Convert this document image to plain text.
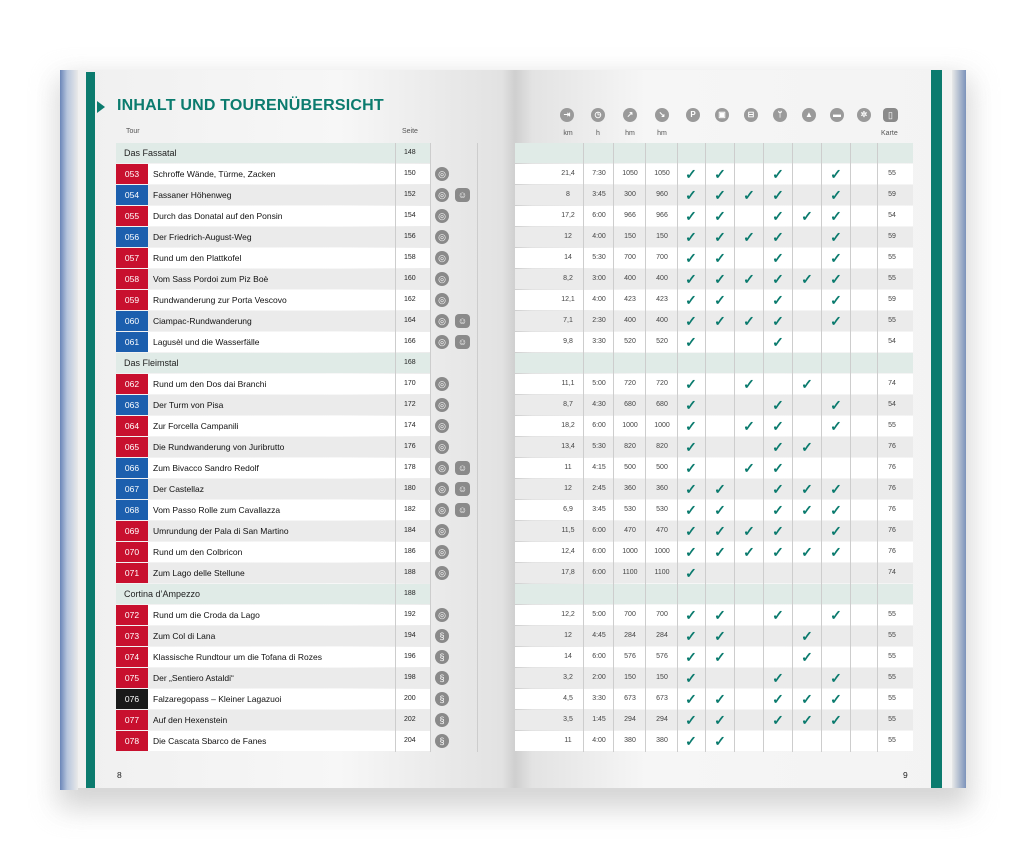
INHALT UND TOURENÜBERSICHT
Tour	Seite	km	h	hm	hm	Karte
⇥	◷	↗	↘	P	▣	⊟	ᛘ	▲	▬	✲	▯
Das Fassatal	148
053	Schroffe Wände, Türme, Zacken	150	◎	21,4	7:30	1050	1050	✓ ✓	✓	✓	55
054	Fassaner Höhenweg	152	◎	☺	8	3:45	300	960	✓ ✓ ✓ ✓	✓	59
055	Durch das Donatal auf den Ponsin	154	◎	17,2	6:00	966	966	✓ ✓	✓ ✓ ✓	54
056	Der Friedrich-August-Weg	156	◎	12	4:00	150	150	✓ ✓ ✓ ✓	✓	59
057	Rund um den Plattkofel	158	◎	14	5:30	700	700	✓ ✓	✓	✓	55
058	Vom Sass Pordoi zum Piz Boè	160	◎	8,2	3:00	400	400	✓ ✓ ✓ ✓ ✓ ✓	55
059	Rundwanderung zur Porta Vescovo	162	◎	12,1	4:00	423	423	✓ ✓	✓	✓	59
060	Ciampac-Rundwanderung	164	◎	☺	7,1	2:30	400	400	✓ ✓ ✓ ✓	✓	55
061	Lagusèl und die Wasserfälle	166	◎	☺	9,8	3:30	520	520	✓	✓	54
Das Fleimstal	168
062	Rund um den Dos dai Branchi	170	◎	11,1	5:00	720	720	✓	✓	✓	74
063	Der Turm von Pisa	172	◎	8,7	4:30	680	680	✓	✓	✓	54
064	Zur Forcella Campanili	174	◎	18,2	6:00	1000	1000	✓	✓ ✓	✓	55
065	Die Rundwanderung von Juribrutto	176	◎	13,4	5:30	820	820	✓	✓ ✓	76
066	Zum Bivacco Sandro Redolf	178	◎	☺	11	4:15	500	500	✓	✓ ✓	76
067	Der Castellaz	180	◎	☺	12	2:45	360	360	✓ ✓	✓ ✓ ✓	76
068	Vom Passo Rolle zum Cavallazza	182	◎	☺	6,9	3:45	530	530	✓ ✓	✓ ✓ ✓	76
069	Umrundung der Pala di San Martino	184	◎	11,5	6:00	470	470	✓ ✓ ✓ ✓	✓	76
070	Rund um den Colbricon	186	◎	12,4	6:00	1000	1000	✓ ✓ ✓ ✓ ✓ ✓	76
071	Zum Lago delle Stellune	188	◎	17,8	6:00	1100	1100	✓	74
Cortina d’Ampezzo	188
072	Rund um die Croda da Lago	192	◎	12,2	5:00	700	700	✓ ✓	✓	✓	55
073	Zum Col di Lana	194	§	12	4:45	284	284	✓ ✓	✓	55
074	Klassische Rundtour um die Tofana di Rozes	196	§	14	6:00	576	576	✓ ✓	✓	55
075	Der „Sentiero Astaldi“	198	§	3,2	2:00	150	150	✓	✓	✓	55
076	Falzaregopass – Kleiner Lagazuoi	200	§	4,5	3:30	673	673	✓ ✓	✓ ✓ ✓	55
077	Auf den Hexenstein	202	§	3,5	1:45	294	294	✓ ✓	✓ ✓ ✓	55
078	Die Cascata Sbarco de Fanes	204	§	11	4:00	380	380	✓ ✓	55
8	9
